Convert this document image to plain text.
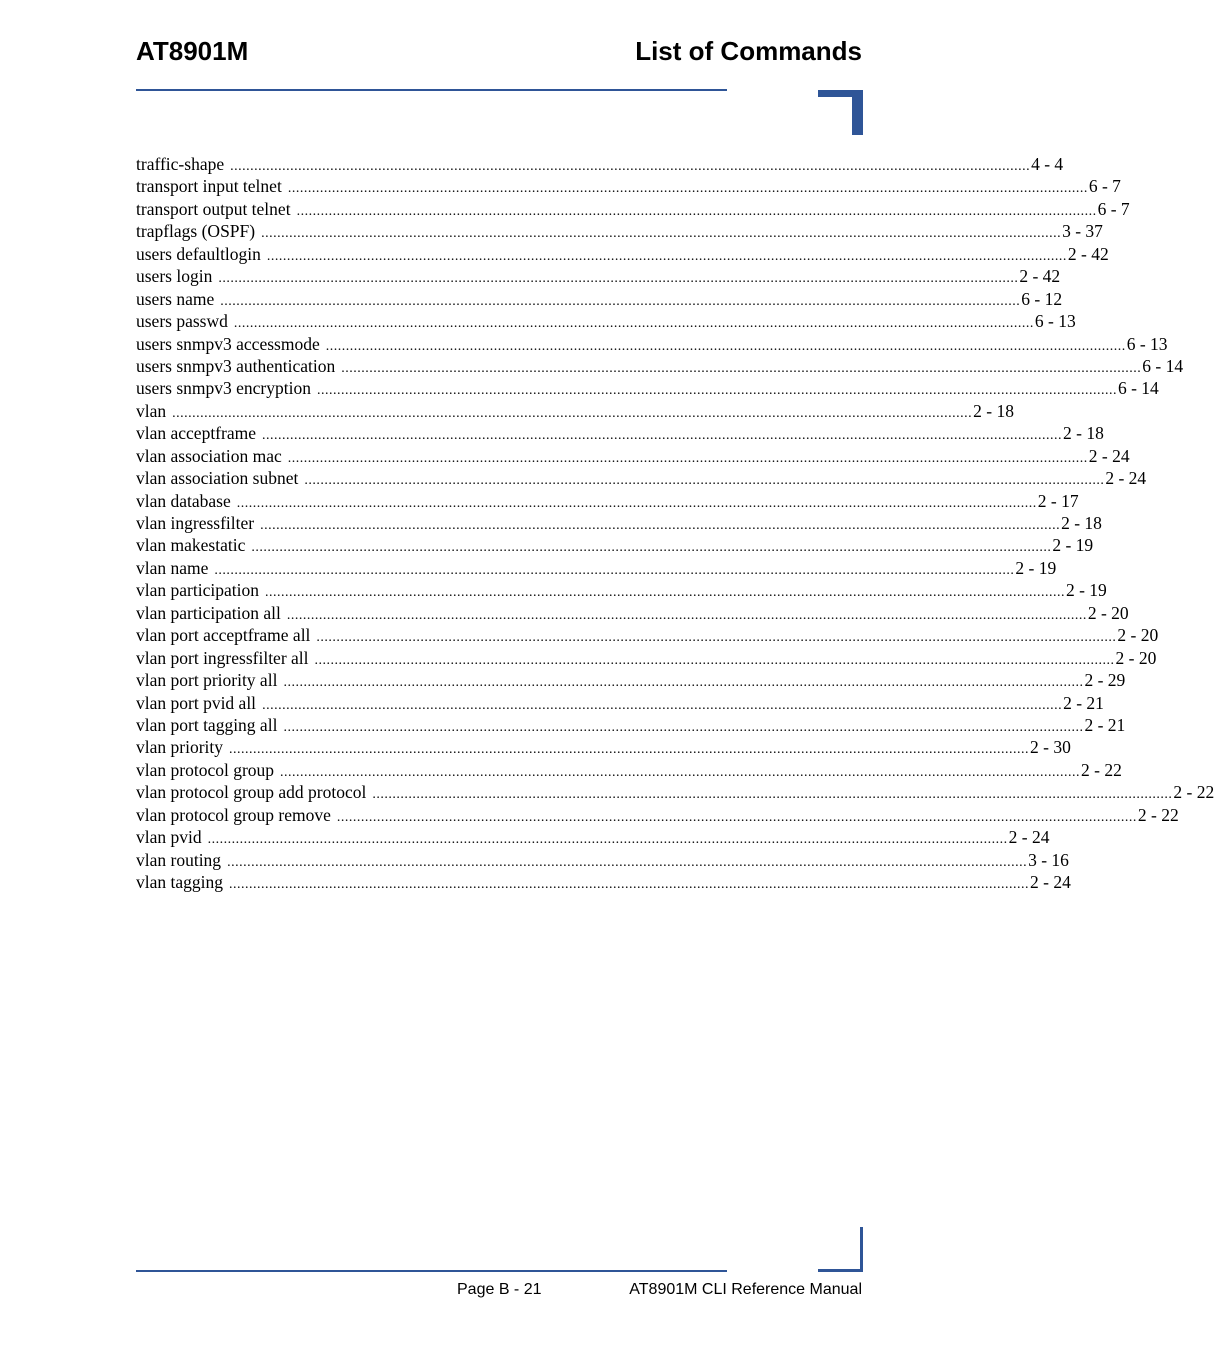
AT8901M	List of Commands
traffic-shape ........................................................................................................................................................................................................ 4 - 4
transport input telnet ........................................................................................................................................................................................................ 6 - 7
transport output telnet ........................................................................................................................................................................................................ 6 - 7
trapflags (OSPF) ........................................................................................................................................................................................................ 3 - 37
users defaultlogin ........................................................................................................................................................................................................ 2 - 42
users login ........................................................................................................................................................................................................ 2 - 42
users name ........................................................................................................................................................................................................ 6 - 12
users passwd ........................................................................................................................................................................................................ 6 - 13
users snmpv3 accessmode ........................................................................................................................................................................................................ 6 - 13
users snmpv3 authentication ........................................................................................................................................................................................................ 6 - 14
users snmpv3 encryption ........................................................................................................................................................................................................ 6 - 14
vlan ........................................................................................................................................................................................................ 2 - 18
vlan acceptframe ........................................................................................................................................................................................................ 2 - 18
vlan association mac ........................................................................................................................................................................................................ 2 - 24
vlan association subnet ........................................................................................................................................................................................................ 2 - 24
vlan database ........................................................................................................................................................................................................ 2 - 17
vlan ingressfilter ........................................................................................................................................................................................................ 2 - 18
vlan makestatic ........................................................................................................................................................................................................ 2 - 19
vlan name ........................................................................................................................................................................................................ 2 - 19
vlan participation ........................................................................................................................................................................................................ 2 - 19
vlan participation all ........................................................................................................................................................................................................ 2 - 20
vlan port acceptframe all ........................................................................................................................................................................................................ 2 - 20
vlan port ingressfilter all ........................................................................................................................................................................................................ 2 - 20
vlan port priority all ........................................................................................................................................................................................................ 2 - 29
vlan port pvid all ........................................................................................................................................................................................................ 2 - 21
vlan port tagging all ........................................................................................................................................................................................................ 2 - 21
vlan priority ........................................................................................................................................................................................................ 2 - 30
vlan protocol group ........................................................................................................................................................................................................ 2 - 22
vlan protocol group add protocol ........................................................................................................................................................................................................ 2 - 22
vlan protocol group remove ........................................................................................................................................................................................................ 2 - 22
vlan pvid ........................................................................................................................................................................................................ 2 - 24
vlan routing ........................................................................................................................................................................................................ 3 - 16
vlan tagging ........................................................................................................................................................................................................ 2 - 24
Page B - 21	AT8901M CLI Reference Manual
